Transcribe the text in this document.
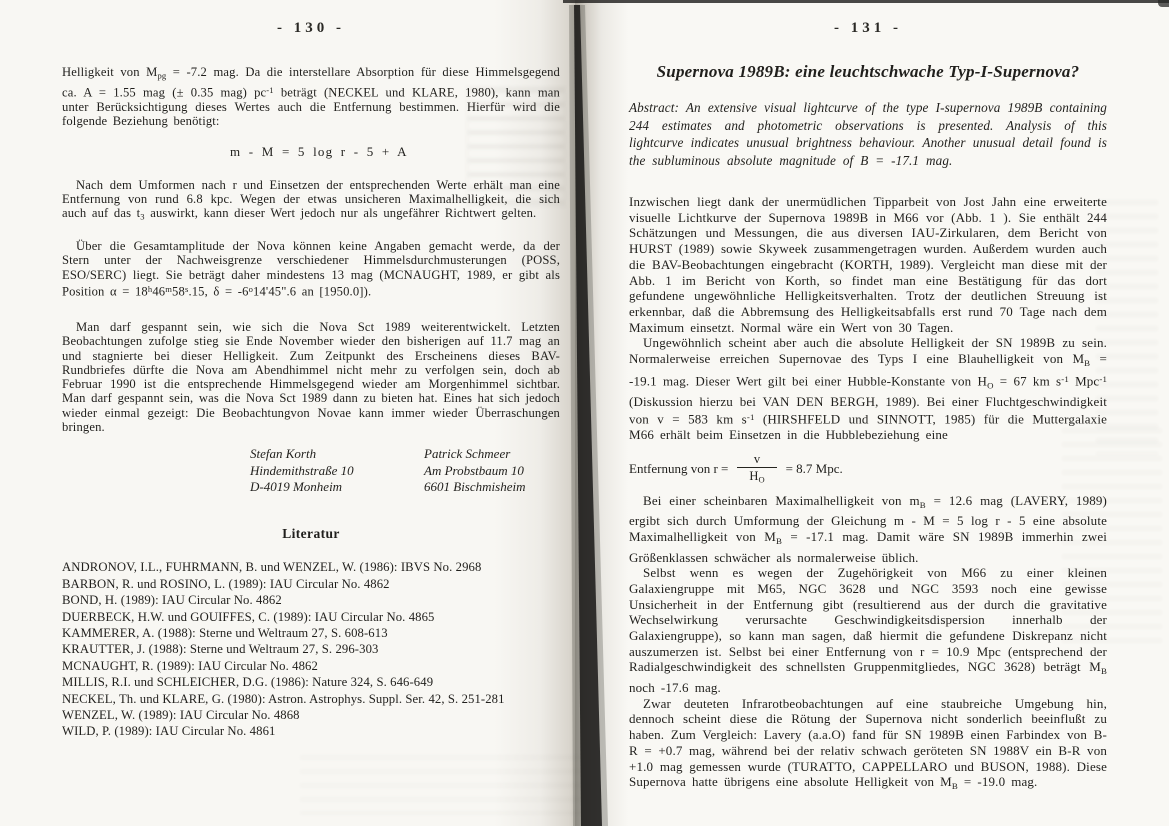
- 130 -

Helligkeit von $M_{pg} = -7.2$ mag. Da die interstellare Absorption für diese Himmelsgegend ca. A = 1.55 mag (± 0.35 mag) $pc^{-1}$ beträgt (NECKEL und KLARE, 1980), kann man unter Berücksichtigung dieses Wertes auch die Entfernung bestimmen. Hierfür wird die folgende Beziehung benötigt:

m - M = 5 log r - 5 + A

Nach dem Umformen nach r und Einsetzen der entsprechenden Werte erhält man eine Entfernung von rund 6.8 kpc. Wegen der etwas unsicheren Maximalhelligkeit, die sich auch auf das $t_3$ auswirkt, kann dieser Wert jedoch nur als ungefährer Richtwert gelten.

Über die Gesamtamplitude der Nova können keine Angaben gemacht werde, da der Stern unter der Nachweisgrenze verschiedener Himmelsdurchmusterungen (POSS, ESO/SERC) liegt. Sie beträgt daher mindestens 13 mag (MCNAUGHT, 1989, er gibt als Position $\alpha = 18^h46^m58^s.15$, $\delta = -6^o14'45".6$ an [1950.0]).

Man darf gespannt sein, wie sich die Nova Sct 1989 weiterentwickelt. Letzten Beobachtungen zufolge stieg sie Ende November wieder den bisherigen auf 11.7 mag an und stagnierte bei dieser Helligkeit. Zum Zeitpunkt des Erscheinens dieses BAV-Rundbriefes dürfte die Nova am Abendhimmel nicht mehr zu verfolgen sein, doch ab Februar 1990 ist die entsprechende Himmelsgegend wieder am Morgenhimmel sichtbar. Man darf gespannt sein, was die Nova Sct 1989 dann zu bieten hat. Eines hat sich jedoch wieder einmal gezeigt: Die Beobachtungvon Novae kann immer wieder Überraschungen bringen.

Stefan Korth
Hindemithstraße 10
D-4019 Monheim
Patrick Schmeer
Am Probstbaum 10
6601 Bischmisheim
Literatur
ANDRONOV, I.L., FUHRMANN, B. und WENZEL, W. (1986): IBVS No. 2968
BARBON, R. und ROSINO, L. (1989): IAU Circular No. 4862
BOND, H. (1989): IAU Circular No. 4862
DUERBECK, H.W. und GOUIFFES, C. (1989): IAU Circular No. 4865
KAMMERER, A. (1988): Sterne und Weltraum 27, S. 608-613
KRAUTTER, J. (1988): Sterne und Weltraum 27, S. 296-303
MCNAUGHT, R. (1989): IAU Circular No. 4862
MILLIS, R.I. und SCHLEICHER, D.G. (1986): Nature 324, S. 646-649
NECKEL, Th. und KLARE, G. (1980): Astron. Astrophys. Suppl. Ser. 42, S. 251-281
WENZEL, W. (1989): IAU Circular No. 4868
WILD, P. (1989): IAU Circular No. 4861
- 131 -
Supernova 1989B: eine leuchtschwache Typ-I-Supernova?

Abstract: An extensive visual lightcurve of the type I-supernova 1989B containing 244 estimates and photometric observations is presented. Analysis of this lightcurve indicates unusual brightness behaviour. Another unusual detail found is the subluminous absolute magnitude of B = -17.1 mag.

Inzwischen liegt dank der unermüdlichen Tipparbeit von Jost Jahn eine erweiterte visuelle Lichtkurve der Supernova 1989B in M66 vor (Abb. 1 ). Sie enthält 244 Schätzungen und Messungen, die aus diversen IAU-Zirkularen, dem Bericht von HURST (1989) sowie Skyweek zusammengetragen wurden. Außerdem wurden auch die BAV-Beobachtungen eingebracht (KORTH, 1989). Vergleicht man diese mit der Abb. 1 im Bericht von Korth, so findet man eine Bestätigung für das dort gefundene ungewöhnliche Helligkeitsverhalten. Trotz der deutlichen Streuung ist erkennbar, daß die Abbremsung des Helligkeitsabfalls erst rund 70 Tage nach dem Maximum einsetzt. Normal wäre ein Wert von 30 Tagen.

Ungewöhnlich scheint aber auch die absolute Helligkeit der SN 1989B zu sein. Normalerweise erreichen Supernovae des Typs I eine Blauhelligkeit von $M_B = -19.1$ mag. Dieser Wert gilt bei einer Hubble-Konstante von $H_O = 67$ km $s^{-1}$ Mpc$^{-1}$ (Diskussion hierzu bei VAN DEN BERGH, 1989). Bei einer Fluchtgeschwindigkeit von v = 583 km $s^{-1}$ (HIRSHFELD und SINNOTT, 1985) für die Muttergalaxie M66 erhält beim Einsetzen in die Hubblebeziehung eine

Entfernung von $r = \frac{v}{H_O} = 8.7$ Mpc.

Bei einer scheinbaren Maximalhelligkeit von $m_B = 12.6$ mag (LAVERY, 1989) ergibt sich durch Umformung der Gleichung m - M = 5 log r - 5 eine absolute Maximalhelligkeit von $M_B = -17.1$ mag. Damit wäre SN 1989B immerhin zwei Größenklassen schwächer als normalerweise üblich.

Selbst wenn es wegen der Zugehörigkeit von M66 zu einer kleinen Galaxiengruppe mit M65, NGC 3628 und NGC 3593 noch eine gewisse Unsicherheit in der Entfernung gibt (resultierend aus der durch die gravitative Wechselwirkung verursachte Geschwindigkeitsdispersion innerhalb der Galaxiengruppe), so kann man sagen, daß hiermit die gefundene Diskrepanz nicht auszumerzen ist. Selbst bei einer Entfernung von r = 10.9 Mpc (entsprechend der Radialgeschwindigkeit des schnellsten Gruppenmitgliedes, NGC 3628) beträgt $M_B$ noch -17.6 mag.

Zwar deuteten Infrarotbeobachtungen auf eine staubreiche Umgebung hin, dennoch scheint diese die Rötung der Supernova nicht sonderlich beeinflußt zu haben. Zum Vergleich: Lavery (a.a.O) fand für SN 1989B einen Farbindex von B-R = +0.7 mag, während bei der relativ schwach geröteten SN 1988V ein B-R von +1.0 mag gemessen wurde (TURATTO, CAPPELLARO und BUSON, 1988). Diese Supernova hatte übrigens eine absolute Helligkeit von $M_B = -19.0$ mag.
